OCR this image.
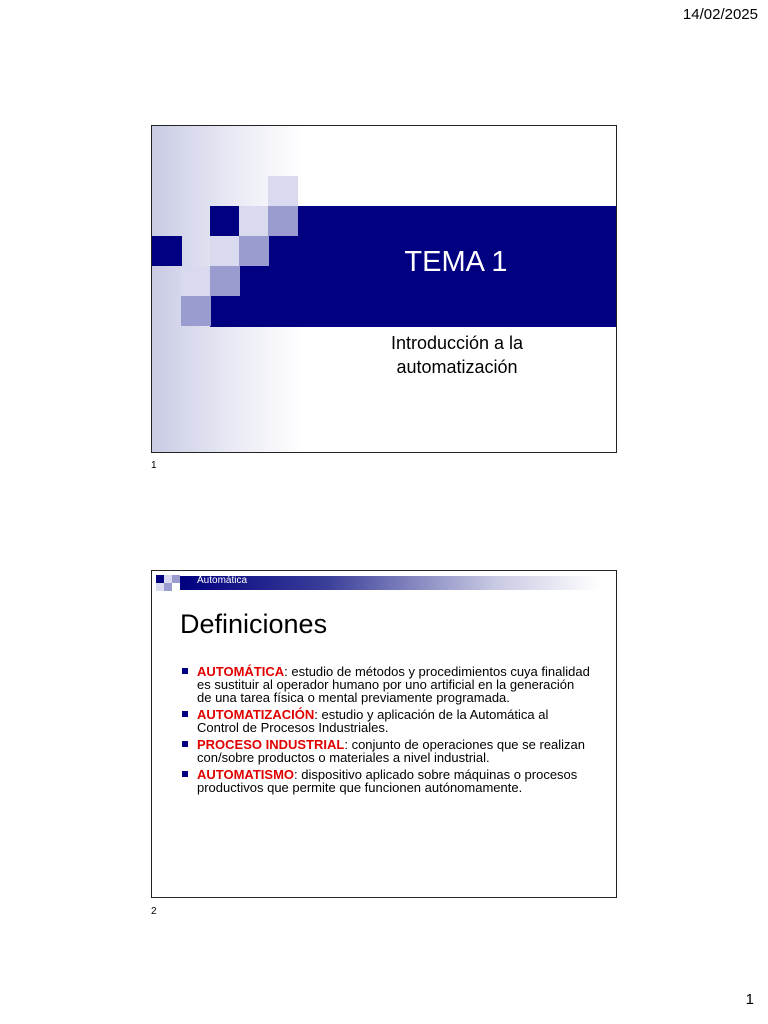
14/02/2025
TEMA 1
Introducción a la
automatización
1
Automática
Definiciones
AUTOMÁTICA: estudio de métodos y procedimientos cuya finalidad es sustituir al operador humano por uno artificial en la generación de una tarea física o mental previamente programada.
AUTOMATIZACIÓN: estudio y aplicación de la Automática al Control de Procesos Industriales.
PROCESO INDUSTRIAL: conjunto de operaciones que se realizan con/sobre productos o materiales a nivel industrial.
AUTOMATISMO: dispositivo aplicado sobre máquinas o procesos productivos que permite que funcionen autónomamente.
2
1
